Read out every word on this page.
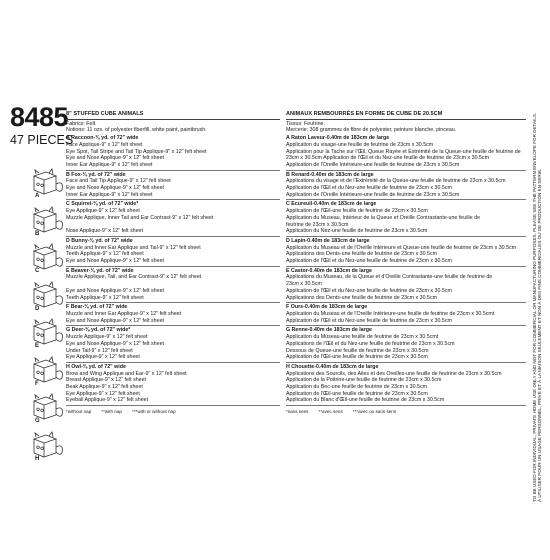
8485
47 PIECES
A
B
C
D
E
F
G
H
8" STUFFED CUBE ANIMALS
Fabrics: Felt.
Notions: 11 ozs. of polyester fiberfill, white paint, paintbrush.
A Raccoon-⅜ yd. of 72" wide
Face Applique-9" x 12" felt sheet
Eye Spot, Tail Stripe and Tail Tip Applique-9" x 12" felt sheet
Eye and Nose Applique-9" x 12" felt sheet
Inner Ear Applique-9" x 12" felt sheet
B Fox-⅜ yd. of 72" wide
Face and Tail Tip Applique-9" x 12" felt sheet
Eye and Nose Applique-9" x 12" felt sheet
Inner Ear Applique-9" x 12" felt sheet
C Squirrel-⅜ yd. of 72" wide*
Eye Applique-9" x 12" felt sheet
Muzzle Applique, Inner Tail and Ear Contrast-9" x 12" felt sheet

Nose Applique-9" x 12" felt sheet
D Bunny-⅜ yd. of 72" wide
Muzzle and Inner Ear Applique and Tail-9" x 12" felt sheet
Teeth Applique-9" x 12" felt sheet
Eye and Nose Applique-9" x 12" felt sheet
E Beaver-⅜ yd. of 72" wide
Muzzle Applique, Tail, and Ear Contrast-9" x 12" felt sheet

Eye and Nose Applique-9" x 12" felt sheet
Teeth Applique-9" x 12" felt sheet
F Bear-⅜ yd. of 72" wide
Muzzle and Inner Ear Applique-9" x 12" felt sheet
Eye and Nose Applique-9" x 12" felt sheet
G Deer-⅜ yd. of 72" wide*
Muzzle Applique-9" x 12" felt sheet
Eye and Nose Applique-9" x 12" felt sheet
Under Tail-9" x 12" felt sheet
Eye Applique-9" x 12" felt sheet
H Owl-⅜ yd. of 72" wide
Brow and Wing Applique and Ear-9" x 12" felt sheet
Breast Applique-9" x 12" felt sheet
Beak Applique-9" x 12" felt sheet
Eye Applique-9" x 12" felt sheet
Eyeball Applique-9" x 12" felt sheet
*without nap **with nap ***with or without nap
ANIMAUX REMBOURRÉS EN FORME DE CUBE DE 20.5CM
Tissus: Feutrine.
Mercerie: 308 grammes de fibre de polyester, peinture blanche, pinceau.
A Raton Laveur-0.40m de 183cm de large
Application du visage-une feuille de feutrine de 23cm x 30.5cm
Application pour la Tache sur l'Œil, Queue Rayée et Extrémité de la Queue-une feuille de feutrine de
23cm x 30.5cm Application de l'Œil et du Nez-une feuille de feutrine de 23cm x 30.5cm
Application de l'Oreille Intérieure-une feuille de feutrine de 23cm x 30.5cm
B Renard-0.40m de 183cm de large
Applications du visage et de l'Extrémité de la Queue-une feuille de feutrine de 23cm x 30.5cm
Application de l'Œil et du Nez-une feuille de feutrine de 23cm x 30.5cm
Application de l'Oreille Intérieure-une feuille de feutrine de 23cm x 30.5cm
C Écureuil-0.40m de 183cm de large
Application de l'Œil-une feuille de feutrine de 23cm x 30.5cm
Application du Museau, Intérieur de la Queue et Oreille Contrastante-une feuille de
feutrine de 23cm x 30.5cm
Application du Nez-une feuille de feutrine de 23cm x 30.5cm
D Lapin-0.40m de 183cm de large
Application du Museau et de l'Oreille Intérieure et Queue-une feuille de feutrine de 23cm x 30.5cm
Applications des Dents-une feuille de feutrine de 23cm x 30.5cm
Application de l'Œil et du Nez-une feuille de feutrine de 23cm x 30.5cm
E Castor-0.40m de 183cm de large
Applications du Museau, de la Queue et d'Oreille Contrastante-une feuille de feutrine de
23cm x 30.5cm
Application de l'Œil et du Nez-une feuille de feutrine de 23cm x 30.5cm
Applications des Dents-une feuille de feutrine de 23cm x 30.5cm
F Ours-0.40m de 183cm de large
Application du Museau et de l'Oreille Intérieure-une feuille de feutrine de 23cm x 30.5cmt
Application de l'Œil et du Nez-une feuille de feutrine de 23cm x 30.5cm
G Renne-0.40m de 183cm de large
Application du Museau-une feuille de feutrine de 23cm x 30.5cmt
Applications de l'Œil et du Nez-une feuille de feutrine de 23cm x 30.5cm
Dessous de Queue-une feuille de feutrine de 23cm x 30.5cm
Application de l'Œil-une feuille de feutrine de 23cm x 30.5cm
H Chouette-0.40m de 183cm de large
Applications des Sourcils, des Ailes et des Oreilles-une feuille de feutrine de 23cm x 30.5cm
Application de la Poitrine-une feuille de feutrine de 23cm x 30.5cm
Application du Bec-une feuille de feutrine de 23cm x 30.5cm
Application de l'Œil-une feuille de feutrine de 23cm x 30.5cm
Application du Blanc d'Œil-une feuille de feutrine de 23cm x 30.5cm
*sans sens **avec sens ***avec ou sans sens	TO BE USED FOR INDIVIDUAL, PRIVATE HOME USE ONLY AND NOT FOR COMMERCIAL OR MANUFACTURING PURPOSES. PLEASE SEE THE PATTERN ENVELOPE FOR DETAILS. À UTILISER POUR UN USAGE PERSONNEL, PRIVÉ ET À LA MAISON SEULEMENT ET NON À DES FINS COMMERCIALES OU DE PRODUCTION EN SÉRIE.
